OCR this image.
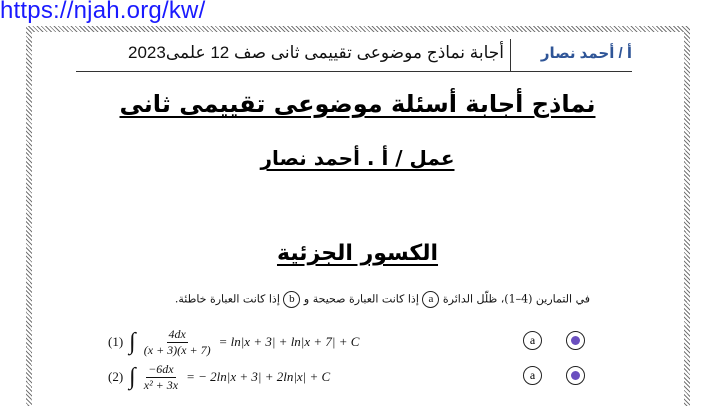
https://njah.org/kw/
أ / أحمد نصار
أجابة نماذج موضوعى تقييمى ثانى صف 12 علمى2023
نماذج أجابة أسئلة موضوعى تقييمى ثانى
عمل / أ . أحمد نصار
الكسور الجزئية
في التمارين (4–1)، ظلّل الدائرة a إذا كانت العبارة صحيحة و b إذا كانت العبارة خاطئة.
(1) ∫ $\frac{4dx}{(x + 3)(x + 7)} = \ln|x + 3| + \ln|x + 7| + C$	a
(2) ∫ $\frac{-6dx}{\text{x² + 3x}}$ = − 2ln|x + 3| + 2ln|x| + C	a
